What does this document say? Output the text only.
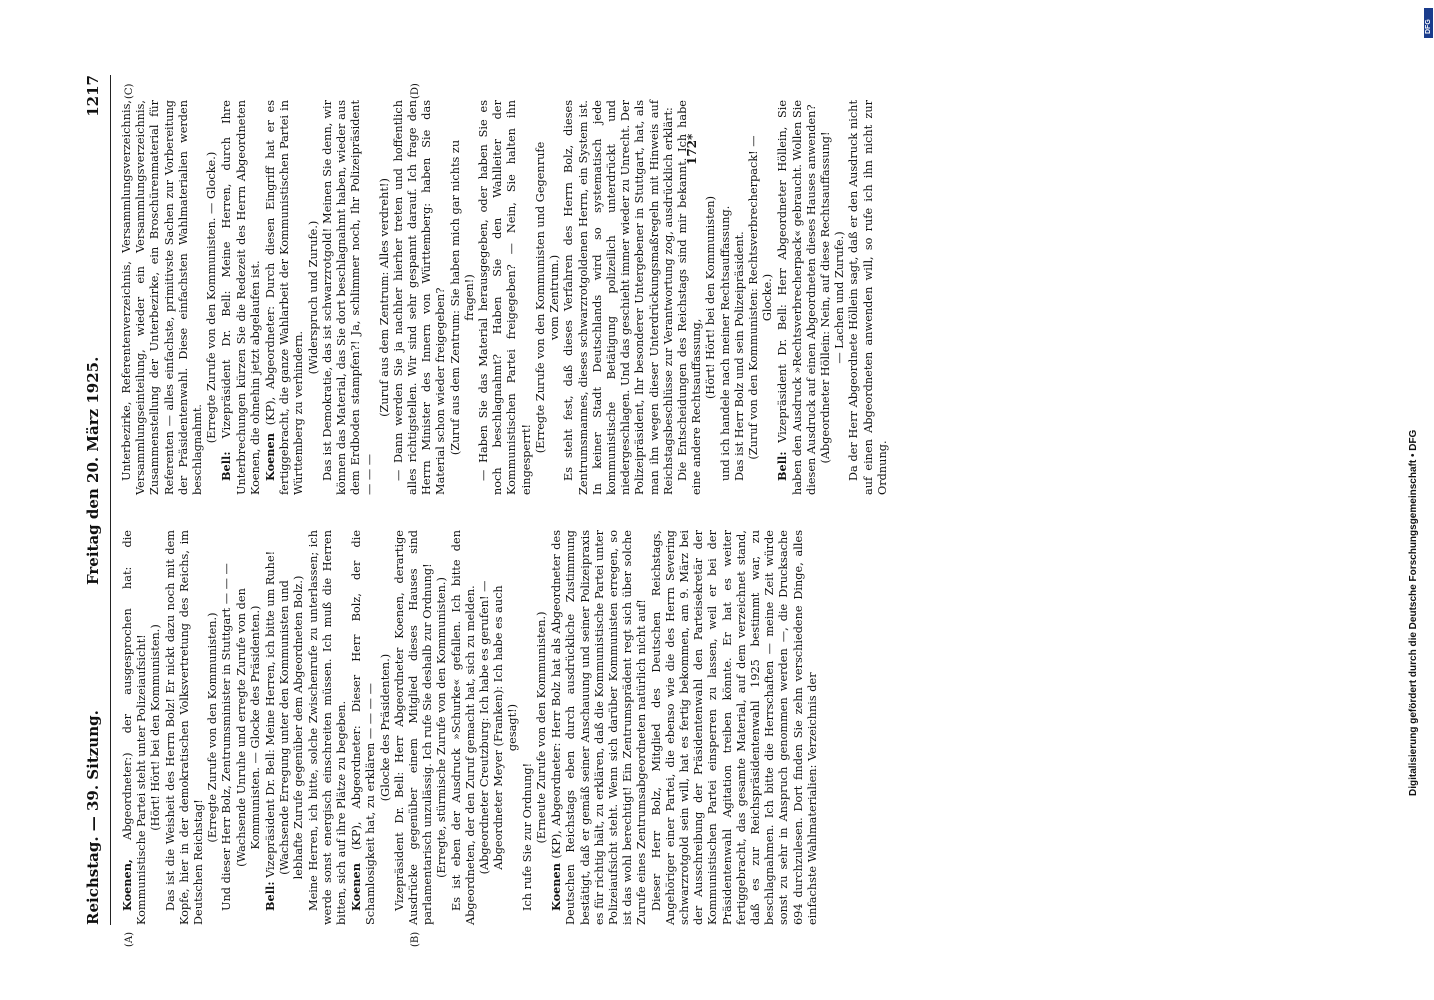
Reichstag. — 39. Sitzung.
Freitag den 20. März 1925.
1217
(A)	(B)
(C)	(D)

Koenen, Abgeordneter:) der ausgesprochen hat: die Kommunistische Partei steht unter Polizeiaufsicht! (Hört! Hört! bei den Kommunisten.) Das ist die Weisheit des Herrn Bolz! Er nickt dazu noch mit dem Kopfe, hier in der demokratischen Volksvertretung des Reichs, im Deutschen Reichstag!

(Erregte Zurufe von den Kommunisten.) Und dieser Herr Bolz, Zentrumsminister in Stuttgart — — — (Wachsende Unruhe und erregte Zurufe von den Kommunisten. — Glocke des Präsidenten.)

Bell: Vizepräsident Dr. Bell: Meine Herren, ich bitte um Ruhe! (Wachsende Erregung unter den Kommunisten und lebhafte Zurufe gegenüber dem Abgeordneten Bolz.) Meine Herren, ich bitte, solche Zwischenrufe zu unterlassen; ich werde sonst energisch einschreiten müssen. Ich muß die Herren bitten, sich auf ihre Plätze zu begeben. Koenen (KP), Abgeordneter: Dieser Herr Bolz, der die Schamlosigkeit hat, zu erklären — — — — (Glocke des Präsidenten.) Vizepräsident Dr. Bell: Herr Abgeordneter Koenen, derartige Ausdrücke gegenüber einem Mitglied dieses Hauses sind parlamentarisch unzulässig. Ich rufe Sie deshalb zur Ordnung! (Erregte, stürmische Zurufe von den Kommunisten.) Es ist eben der Ausdruck »Schurke« gefallen. Ich bitte den Abgeordneten, der den Zuruf gemacht hat, sich zu melden. (Abgeordneter Creutzburg: Ich habe es gerufen! — Abgeordneter Meyer (Franken): Ich habe es auch gesagt!)

Ich rufe Sie zur Ordnung! (Erneute Zurufe von den Kommunisten.)

Koenen (KP), Abgeordneter: Herr Bolz hat als Abgeordneter des Deutschen Reichstags eben durch ausdrückliche Zustimmung bestätigt, daß er gemäß seiner Anschauung und seiner Polizeipraxis es für richtig hält, zu erklären, daß die Kommunistische Partei unter Polizeiaufsicht steht. Wenn sich darüber Kommunisten erregen, so ist das wohl berechtigt! Ein Zentrumsprädent regt sich über solche Zurufe eines Zentrumsabgeordneten natürlich nicht auf! Dieser Herr Bolz, Mitglied des Deutschen Reichstags, Angehöriger einer Partei, die ebenso wie die des Herrn Severing schwarzrotgold sein will, hat es fertig bekommen, am 9. März bei der Ausschreibung der Präsidentenwahl den Parteisekretär der Kommunistischen Partei einsperren zu lassen, weil er bei der Präsidentenwahl Agitation treiben könnte. Er hat es weiter fertiggebracht, das gesamte Material, auf dem verzeichnet stand, daß es zur Reichspräsidentenwahl 1925 bestimmt war, zu beschlagnahmen. Ich bitte die Herrschaften — meine Zeit würde sonst zu sehr in Anspruch genommen werden —, die Drucksache 694 durchzulesen. Dort finden Sie zehn verschiedene Dinge, alles einfachste Wahlmaterialien: Verzeichnis der

Unterbezirke, Referentenverzeichnis, Versammlungsverzeichnis, Versammlungseinteilung, wieder ein Versammlungsverzeichnis, Zusammenstellung der Unterbezirke, ein Broschürenmaterial für Referenten — alles einfachste, primitivste Sachen zur Vorbereitung der Präsidentenwahl. Diese einfachsten Wahlmaterialien werden beschlagnahmt.

(Erregte Zurufe von den Kommunisten. — Glocke.)

Bell: Vizepräsident Dr. Bell: Meine Herren, durch Ihre Unterbrechungen kürzen Sie die Redezeit des Herrn Abgeordneten Koenen, die ohnehin jetzt abgelaufen ist. Koenen (KP), Abgeordneter: Durch diesen Eingriff hat er es fertiggebracht, die ganze Wahlarbeit der Kommunistischen Partei in Württemberg zu verhindern.

(Widerspruch und Zurufe.) Das ist Demokratie, das ist schwarzrotgold! Meinen Sie denn, wir können das Material, das Sie dort beschlagnahmt haben, wieder aus dem Erdboden stampfen?! Ja, schlimmer noch, Ihr Polizeipräsident — — —

(Zuruf aus dem Zentrum: Alles verdreht!) — Dann werden Sie ja nachher hierher treten und hoffentlich alles richtigstellen. Wir sind sehr gespannt darauf. Ich frage den Herrn Minister des Innern von Württemberg: haben Sie das Material schon wieder freigegeben? (Zuruf aus dem Zentrum: Sie haben mich gar nichts zu fragen!) — Haben Sie das Material herausgegeben, oder haben Sie es noch beschlagnahmt? Haben Sie den Wahlleiter der Kommunistischen Partei freigegeben? — Nein, Sie halten ihn eingesperrt!

(Erregte Zurufe von den Kommunisten und Gegenrufe vom Zentrum.) Es steht fest, daß dieses Verfahren des Herrn Bolz, dieses Zentrumsmannes, dieses schwarzrotgoldenen Herrn, ein System ist. In keiner Stadt Deutschlands wird so systematisch jede kommunistische Betätigung polizeilich unterdrückt und niedergeschlagen. Und das geschieht immer wieder zu Unrecht. Der Polizeipräsident, Ihr besonderer Untergebener in Stuttgart, hat, als man ihn wegen dieser Unterdrückungsmaßregeln mit Hinweis auf Reichstagsbeschlüsse zur Verantwortung zog, ausdrücklich erklärt: Die Entscheidungen des Reichstags sind mir bekannt. Ich habe eine andere Rechtsauffassung,

(Hört! Hört! bei den Kommunisten) und ich handele nach meiner Rechtsauffassung. Das ist Herr Bolz und sein Polizeipräsident. (Zuruf von den Kommunisten: Rechtsverbrecherpack! — Glocke.)

Bell: Vizepräsident Dr. Bell: Herr Abgeordneter Höllein, Sie haben den Ausdruck »Rechtsverbrecherpack« gebraucht. Wollen Sie diesen Ausdruck auf einen Abgeordneten dieses Hauses anwenden? (Abgeordneter Höllein: Nein, auf diese Rechtsauffassung! — Lachen und Zurufe.) Da der Herr Abgeordnete Höllein sagt, daß er den Ausdruck nicht auf einen Abgeordneten anwenden will, so rufe ich ihn nicht zur Ordnung.

172*
Digitalisierung gefördert durch die Deutsche Forschungsgemeinschaft • DFG
DFG
